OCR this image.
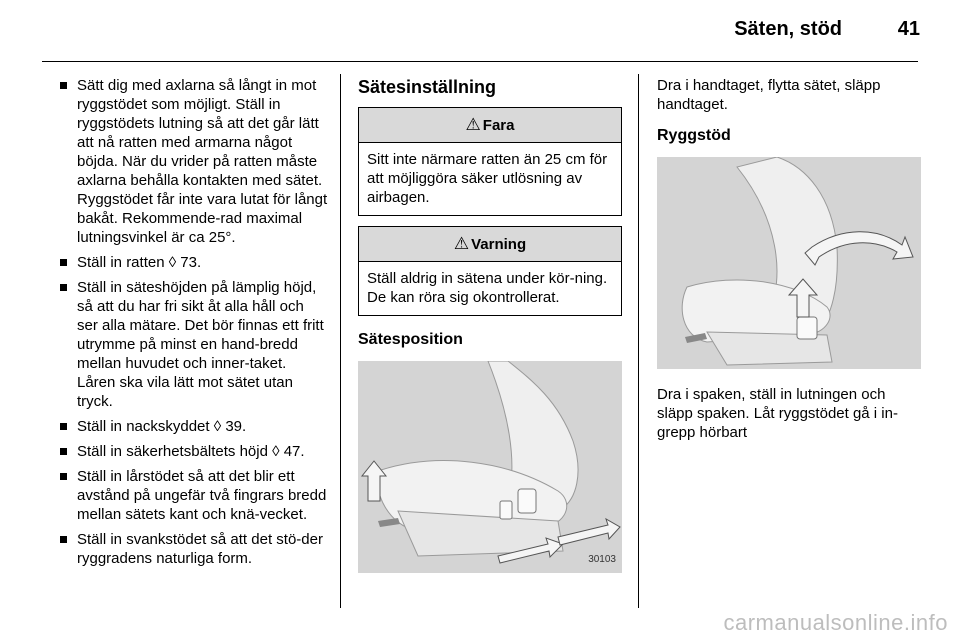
Säten, stöd	41
Sätt dig med axlarna så långt in mot ryggstödet som möjligt. Ställ in ryggstödets lutning så att det går lätt att nå ratten med armarna något böjda. När du vrider på ratten måste axlarna behålla kontakten med sätet. Ryggstödet får inte vara lutat för långt bakåt. Rekommende-rad maximal lutningsvinkel är ca 25°.
Ställ in ratten ◊ 73.
Ställ in säteshöjden på lämplig höjd, så att du har fri sikt åt alla håll och ser alla mätare. Det bör finnas ett fritt utrymme på minst en hand-bredd mellan huvudet och inner-taket. Låren ska vila lätt mot sätet utan tryck.
Ställ in nackskyddet ◊ 39.
Ställ in säkerhetsbältets höjd ◊ 47.
Ställ in lårstödet så att det blir ett avstånd på ungefär två fingrars bredd mellan sätets kant och knä-vecket.
Ställ in svankstödet så att det stö-der ryggradens naturliga form.
Sätesinställning
⚠ Fara
Sitt inte närmare ratten än 25 cm för att möjliggöra säker utlösning av airbagen.
⚠ Varning
Ställ aldrig in sätena under kör-ning. De kan röra sig okontrollerat.
Sätesposition
30103
Dra i handtaget, flytta sätet, släpp handtaget.
Ryggstöd
Dra i spaken, ställ in lutningen och släpp spaken. Låt ryggstödet gå i in-grepp hörbart
carmanualsonline.info
